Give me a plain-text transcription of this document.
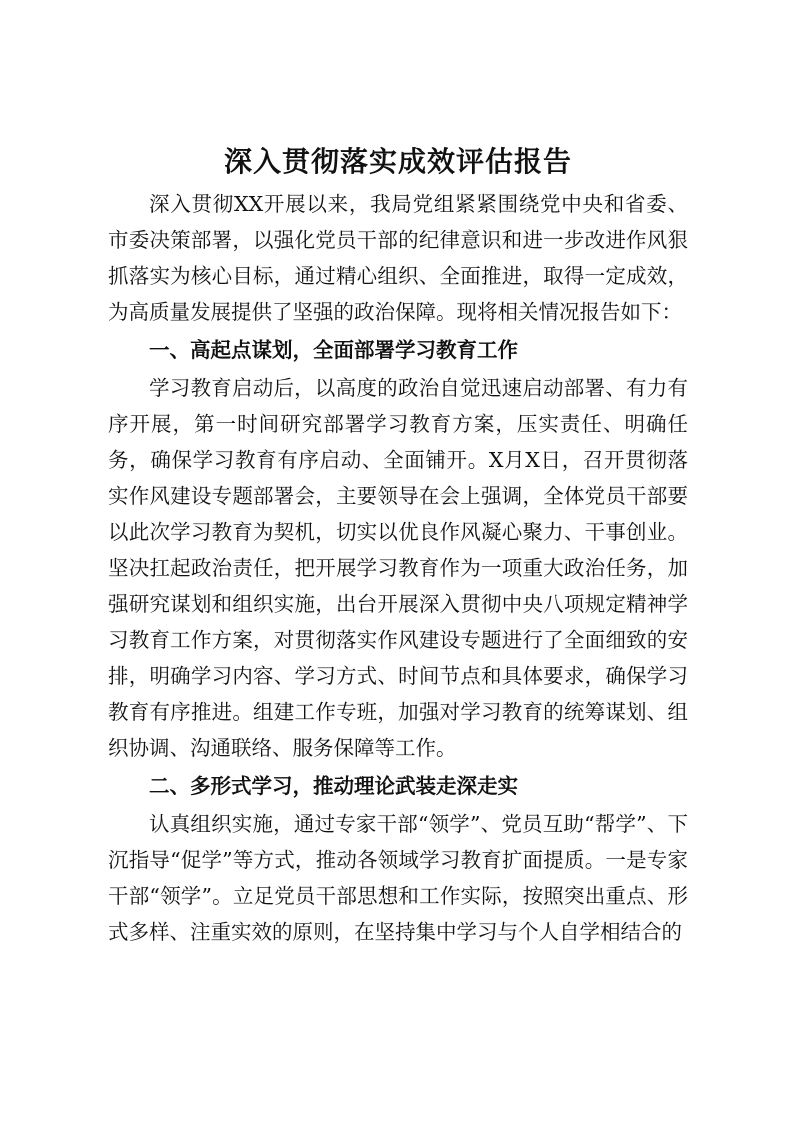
深入贯彻落实成效评估报告

深入贯彻XX开展以来，我局党组紧紧围绕党中央和省委、市委决策部署，以强化党员干部的纪律意识和进一步改进作风狠抓落实为核心目标，通过精心组织、全面推进，取得一定成效，为高质量发展提供了坚强的政治保障。现将相关情况报告如下：

一、高起点谋划，全面部署学习教育工作

学习教育启动后，以高度的政治自觉迅速启动部署、有力有序开展，第一时间研究部署学习教育方案，压实责任、明确任务，确保学习教育有序启动、全面铺开。X月X日，召开贯彻落实作风建设专题部署会，主要领导在会上强调，全体党员干部要以此次学习教育为契机，切实以优良作风凝心聚力、干事创业。坚决扛起政治责任，把开展学习教育作为一项重大政治任务，加强研究谋划和组织实施，出台开展深入贯彻中央八项规定精神学习教育工作方案，对贯彻落实作风建设专题进行了全面细致的安排，明确学习内容、学习方式、时间节点和具体要求，确保学习教育有序推进。组建工作专班，加强对学习教育的统筹谋划、组织协调、沟通联络、服务保障等工作。

二、多形式学习，推动理论武装走深走实

认真组织实施，通过专家干部“领学”、党员互助“帮学”、下沉指导“促学”等方式，推动各领域学习教育扩面提质。一是专家干部“领学”。立足党员干部思想和工作实际，按照突出重点、形式多样、注重实效的原则，在坚持集中学习与个人自学相结合的
